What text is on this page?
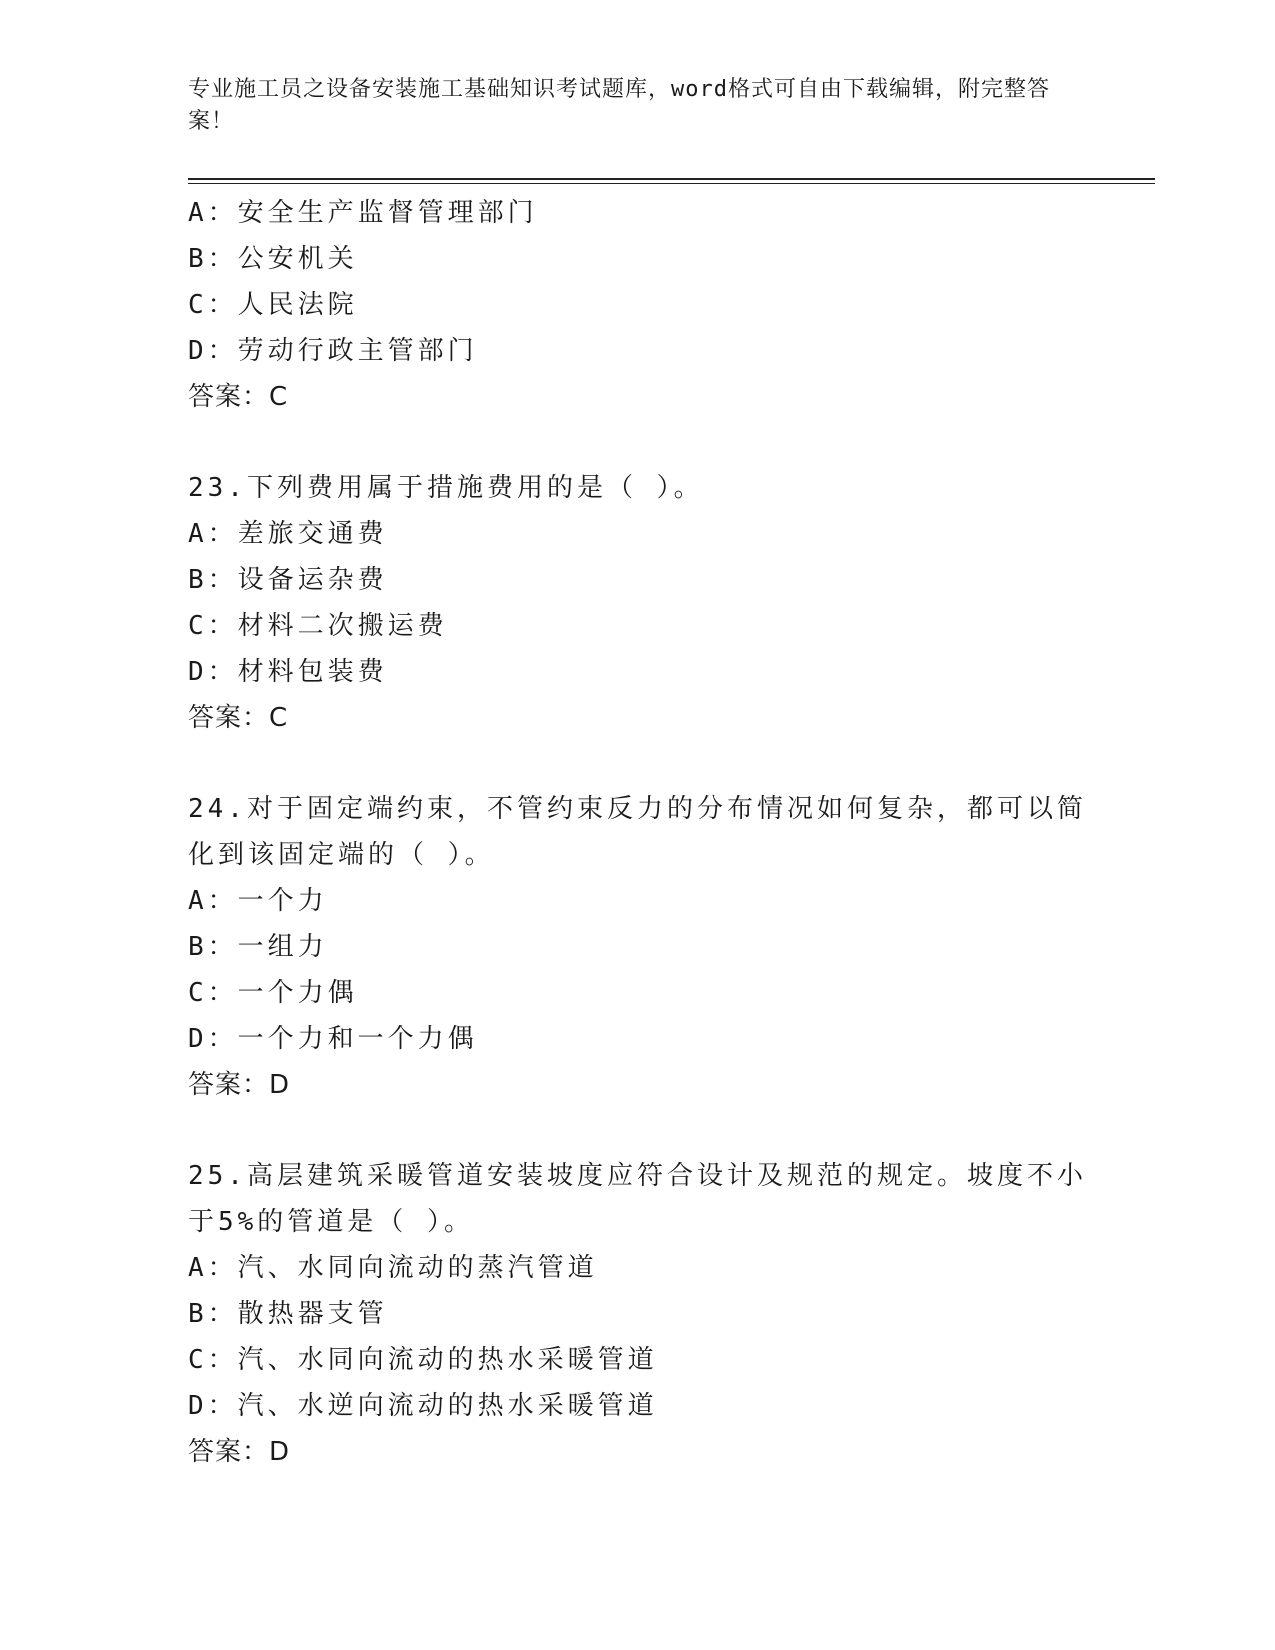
专业施工员之设备安装施工基础知识考试题库，word格式可自由下载编辑，附完整答案！
A：安全生产监督管理部门
B：公安机关
C：人民法院
D：劳动行政主管部门
答案：C
23.下列费用属于措施费用的是（ ）。
A：差旅交通费
B：设备运杂费
C：材料二次搬运费
D：材料包装费
答案：C
24.对于固定端约束，不管约束反力的分布情况如何复杂，都可以简化到该固定端的（ ）。
A：一个力
B：一组力
C：一个力偶
D：一个力和一个力偶
答案：D
25.高层建筑采暖管道安装坡度应符合设计及规范的规定。坡度不小于5%的管道是（ ）。
A：汽、水同向流动的蒸汽管道
B：散热器支管
C：汽、水同向流动的热水采暖管道
D：汽、水逆向流动的热水采暖管道
答案：D
